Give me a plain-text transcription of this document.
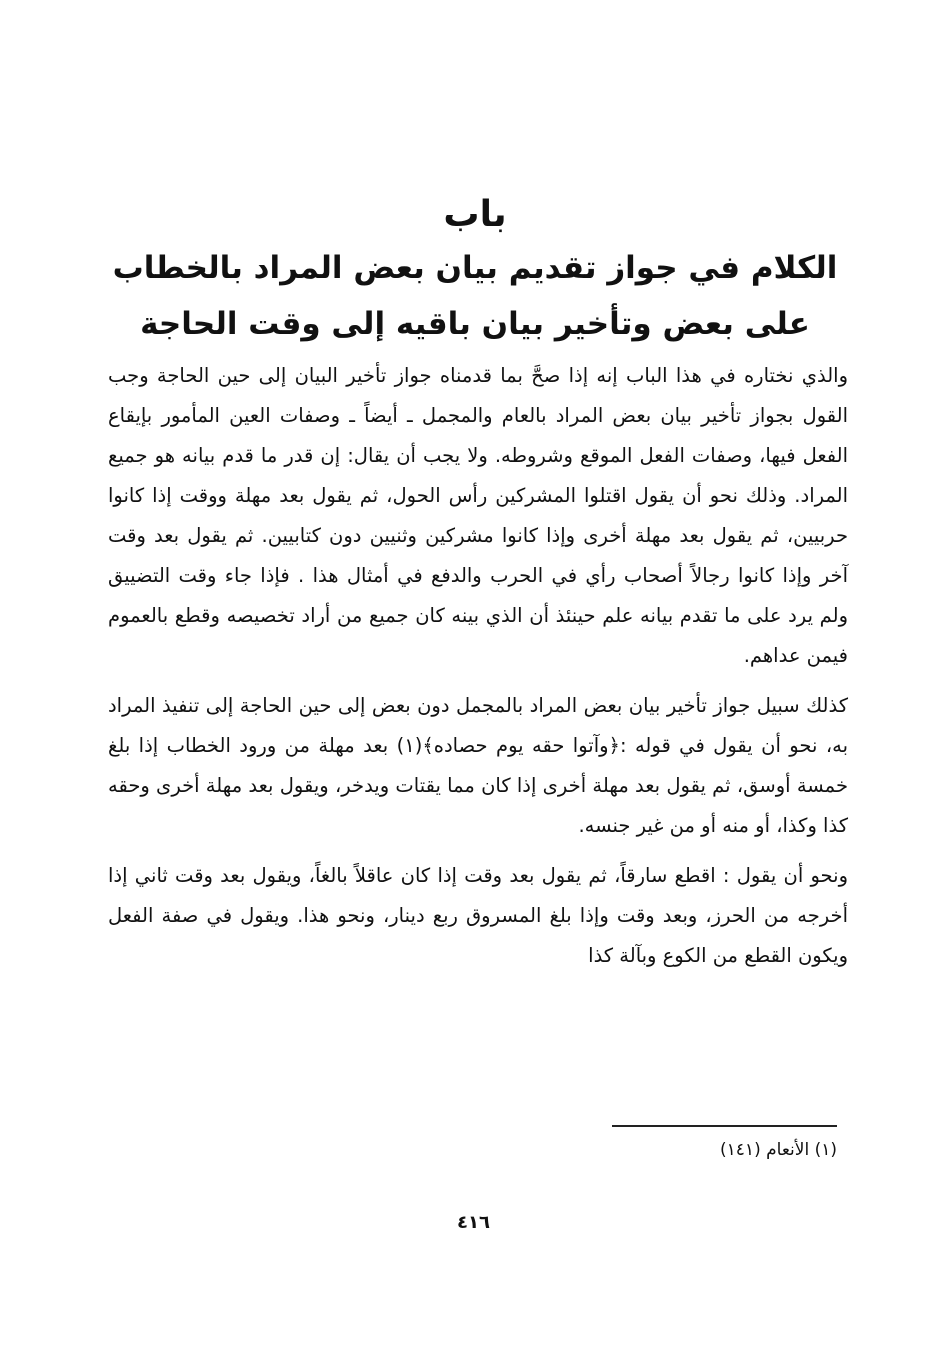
باب
الكلام في جواز تقديم بيان بعض المراد بالخطاب
على بعض وتأخير بيان باقيه إلى وقت الحاجة

والذي نختاره في هذا الباب إنه إذا صحَّ بما قدمناه جواز تأخير البيان إلى حين الحاجة وجب القول بجواز تأخير بيان بعض المراد بالعام والمجمل ـ أيضاً ـ وصفات العين المأمور بإيقاع الفعل فيها، وصفات الفعل الموقع وشروطه. ولا يجب أن يقال: إن قدر ما قدم بيانه هو جميع المراد. وذلك نحو أن يقول اقتلوا المشركين رأس الحول، ثم يقول بعد مهلة ووقت إذا كانوا حربيين، ثم يقول بعد مهلة أخرى وإذا كانوا مشركين وثنيين دون كتابيين. ثم يقول بعد وقت آخر وإذا كانوا رجالاً أصحاب رأي في الحرب والدفع في أمثال هذا . فإذا جاء وقت التضييق ولم يرد على ما تقدم بيانه علم حينئذ أن الذي بينه كان جميع من أراد تخصيصه وقطع بالعموم فيمن عداهم.

كذلك سبيل جواز تأخير بيان بعض المراد بالمجمل دون بعض إلى حين الحاجة إلى تنفيذ المراد به، نحو أن يقول في قوله :﴿وآتوا حقه يوم حصاده﴾(١) بعد مهلة من ورود الخطاب إذا بلغ خمسة أوسق، ثم يقول بعد مهلة أخرى إذا كان مما يقتات ويدخر، ويقول بعد مهلة أخرى وحقه كذا وكذا، أو منه أو من غير جنسه.

ونحو أن يقول : اقطع سارقاً، ثم يقول بعد وقت إذا كان عاقلاً بالغاً، ويقول بعد وقت ثاني إذا أخرجه من الحرز، وبعد وقت وإذا بلغ المسروق ربع دينار، ونحو هذا. ويقول في صفة الفعل ويكون القطع من الكوع وبآلة كذا

(١) الأنعام (١٤١)
٤١٦
